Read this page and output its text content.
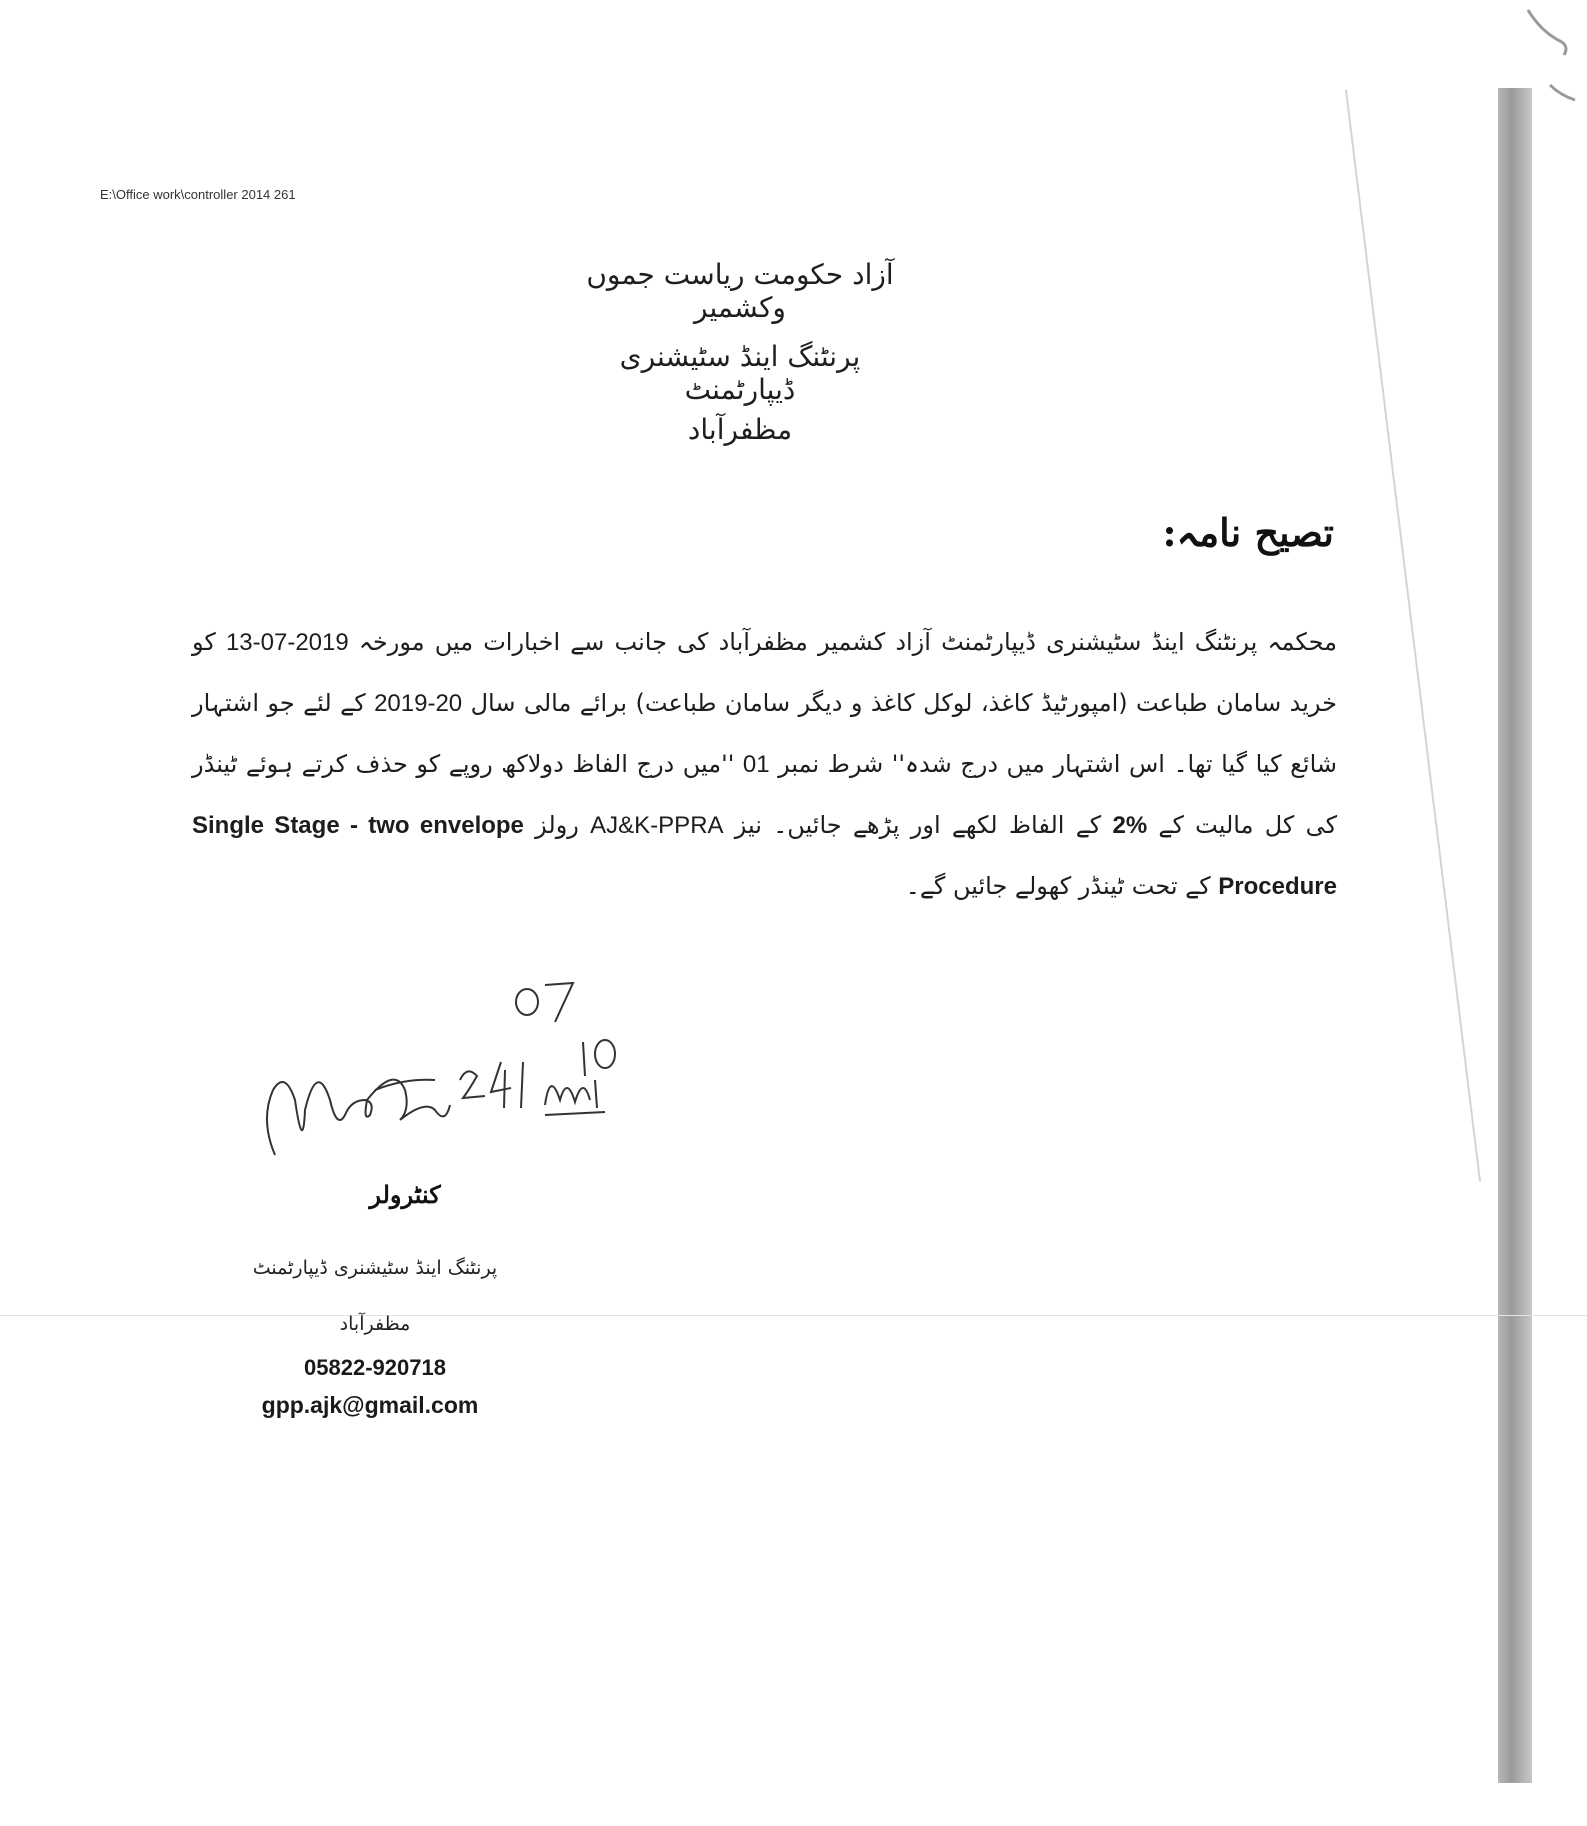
E:\Office work\controller 2014 261
آزاد حکومت ریاست جموں وکشمیر
پرنٹنگ اینڈ سٹیشنری ڈیپارٹمنٹ
مظفرآباد
تصیح نامہ:

محکمہ پرنٹنگ اینڈ سٹیشنری ڈیپارٹمنٹ آزاد کشمیر مظفرآباد کی جانب سے اخبارات میں مورخہ 13-07-2019 کو خرید سامان طباعت (امپورٹیڈ کاغذ، لوکل کاغذ و دیگر سامان طباعت) برائے مالی سال 2019-20 کے لئے جو اشتہار شائع کیا گیا تھا۔ اس اشتہار میں درج شدہ'' شرط نمبر 01 ''میں درج الفاظ دولاکھ روپے کو حذف کرتے ہوئے ٹینڈر کی کل مالیت کے 2% کے الفاظ لکھے اور پڑھے جائیں۔ نیز AJ&K-PPRA رولز Single Stage - two envelope Procedure کے تحت ٹینڈر کھولے جائیں گے۔

کنٹرولر
پرنٹنگ اینڈ سٹیشنری ڈیپارٹمنٹ
مظفرآباد
05822-920718
gpp.ajk@gmail.com
